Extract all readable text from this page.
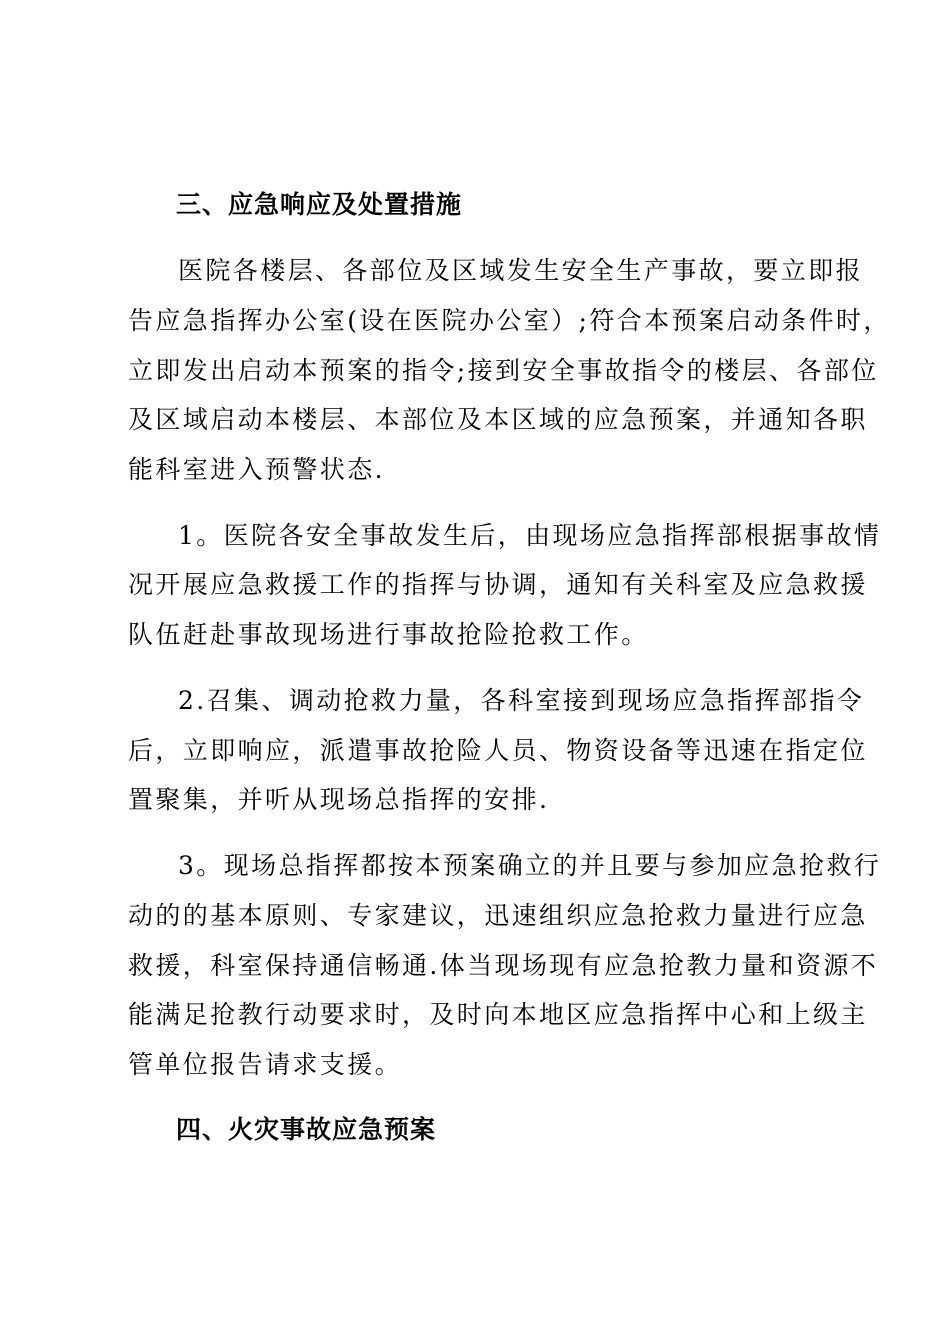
三、应急响应及处置措施
医院各楼层、各部位及区域发生安全生产事故，要立即报
告应急指挥办公室(设在医院办公室）;符合本预案启动条件时，
立即发出启动本预案的指令;接到安全事故指令的楼层、各部位
及区域启动本楼层、本部位及本区域的应急预案，并通知各职
能科室进入预警状态.
1。医院各安全事故发生后，由现场应急指挥部根据事故情
况开展应急救援工作的指挥与协调，通知有关科室及应急救援
队伍赶赴事故现场进行事故抢险抢救工作。
2.召集、调动抢救力量，各科室接到现场应急指挥部指令
后，立即响应，派遣事故抢险人员、物资设备等迅速在指定位
置聚集，并听从现场总指挥的安排.
3。现场总指挥都按本预案确立的并且要与参加应急抢救行
动的的基本原则、专家建议，迅速组织应急抢救力量进行应急
救援，科室保持通信畅通.体当现场现有应急抢教力量和资源不
能满足抢教行动要求时，及时向本地区应急指挥中心和上级主
管单位报告请求支援。
四、火灾事故应急预案
